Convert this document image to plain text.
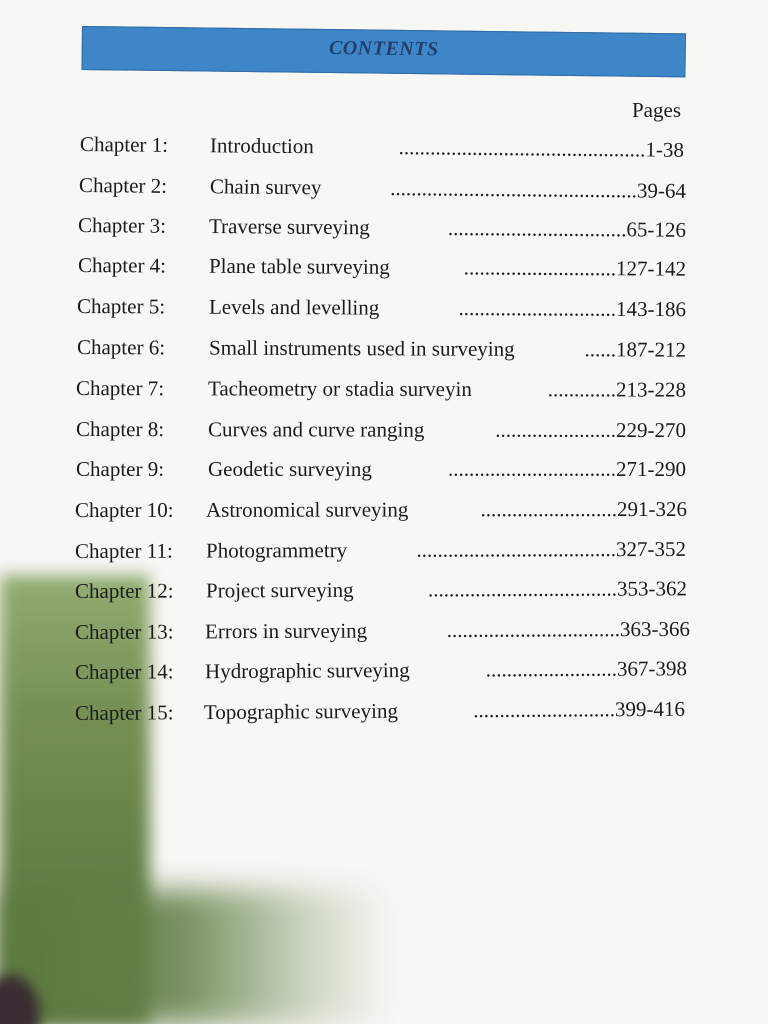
CONTENTS
Pages
Chapter 1: Introduction	...............................................1-38
Chapter 2: Chain survey	...............................................39-64
Chapter 3: Traverse surveying	..................................65-126
Chapter 4: Plane table surveying	.............................127-142
Chapter 5: Levels and levelling	..............................143-186
Chapter 6: Small instruments used in surveying	......187-212
Chapter 7: Tacheometry or stadia surveyin	.............213-228
Chapter 8: Curves and curve ranging	.......................229-270
Chapter 9: Geodetic surveying	................................271-290
Chapter 10: Astronomical surveying	..........................291-326
Chapter 11: Photogrammetry	......................................327-352
Chapter 12: Project surveying	....................................353-362
Chapter 13: Errors in surveying	.................................363-366
Chapter 14: Hydrographic surveying	.........................367-398
Chapter 15: Topographic surveying	...........................399-416
